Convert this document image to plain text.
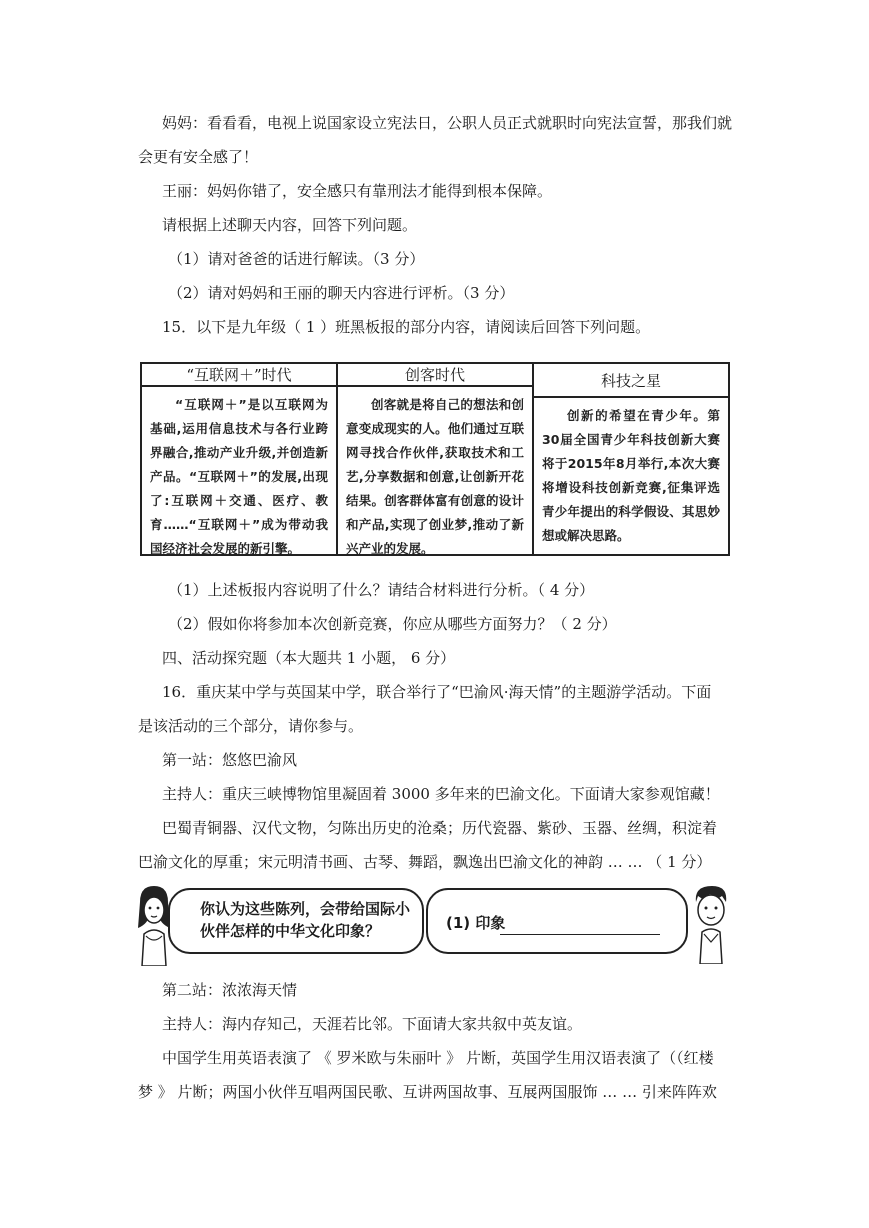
妈妈：看看看，电视上说国家设立宪法日，公职人员正式就职时向宪法宣誓，那我们就
会更有安全感了！
王丽：妈妈你错了，安全感只有靠刑法才能得到根本保障。
请根据上述聊天内容，回答下列问题。
（1）请对爸爸的话进行解读。（3 分）
（2）请对妈妈和王丽的聊天内容进行评析。（3 分）
15．以下是九年级（ 1 ）班黑板报的部分内容，请阅读后回答下列问题。
“互联网＋”时代
“互联网＋”是以互联网为基础,运用信息技术与各行业跨界融合,推动产业升级,并创造新产品。“互联网＋”的发展,出现了:互联网＋交通、医疗、教育……“互联网＋”成为带动我国经济社会发展的新引擎。
创客时代
创客就是将自己的想法和创意变成现实的人。他们通过互联网寻找合作伙伴,获取技术和工艺,分享数据和创意,让创新开花结果。创客群体富有创意的设计和产品,实现了创业梦,推动了新兴产业的发展。
科技之星
创新的希望在青少年。第30届全国青少年科技创新大赛将于2015年8月举行,本次大赛将增设科技创新竞赛,征集评选青少年提出的科学假设、其思妙想或解决思路。
（1）上述板报内容说明了什么？请结合材料进行分析。（ 4 分）
（2）假如你将参加本次创新竞赛，你应从哪些方面努力？（ 2 分）
四、活动探究题（本大题共 1 小题， 6 分）
16．重庆某中学与英国某中学，联合举行了“巴渝风·海天情”的主题游学活动。下面
是该活动的三个部分，请你参与。
第一站：悠悠巴渝风
主持人：重庆三峡博物馆里凝固着 3000 多年来的巴渝文化。下面请大家参观馆藏！
巴蜀青铜器、汉代文物，匀陈出历史的沧桑；历代瓷器、紫砂、玉器、丝绸，积淀着
巴渝文化的厚重；宋元明清书画、古琴、舞蹈，飘逸出巴渝文化的神韵 … … （ 1 分）
你认为这些陈列，会带给国际小伙伴怎样的中华文化印象？	(1) 印象
第二站：浓浓海天情
主持人：海内存知己，天涯若比邻。下面请大家共叙中英友谊。
中国学生用英语表演了 《 罗米欧与朱丽叶 》 片断，英国学生用汉语表演了（（红楼
梦 》 片断；两国小伙伴互唱两国民歌、互讲两国故事、互展两国服饰 … … 引来阵阵欢
